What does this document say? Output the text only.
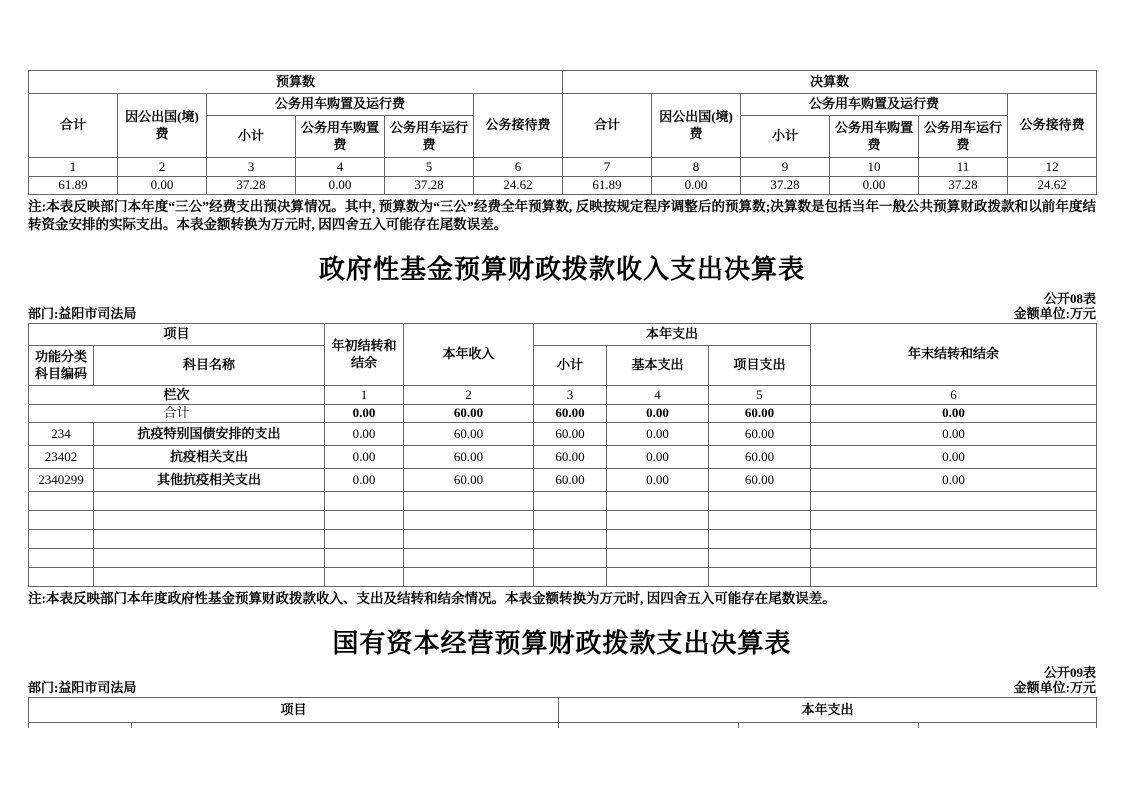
预算数						决算数					
合计	因公出国(境)费	公务用车购置及运行费			公务接待费	合计	因公出国(境)费	公务用车购置及运行费			公务接待费
		小计	公务用车购置费	公务用车运行费				小计	公务用车购置费	公务用车运行费	
1	2	3	4	5	6	7	8	9	10	11	12
61.89	0.00	37.28	0.00	37.28	24.62	61.89	0.00	37.28	0.00	37.28	24.62
注:本表反映部门本年度“三公”经费支出预决算情况。其中, 预算数为“三公”经费全年预算数, 反映按规定程序调整后的预算数;决算数是包括当年一般公共预算财政拨款和以前年度结转资金安排的实际支出。本表金额转换为万元时, 因四舍五入可能存在尾数误差。
政府性基金预算财政拨款收入支出决算表
公开08表
部门:益阳市司法局	金额单位:万元
项目		年初结转和结余	本年收入	本年支出			年末结转和结余
功能分类科目编码	科目名称			小计	基本支出	项目支出	
栏次		1	2	3	4	5	6
合计		0.00	60.00	60.00	0.00	60.00	0.00
234	抗疫特别国债安排的支出	0.00	60.00	60.00	0.00	60.00	0.00
23402	抗疫相关支出	0.00	60.00	60.00	0.00	60.00	0.00
2340299	其他抗疫相关支出	0.00	60.00	60.00	0.00	60.00	0.00

注:本表反映部门本年度政府性基金预算财政拨款收入、支出及结转和结余情况。本表金额转换为万元时, 因四舍五入可能存在尾数误差。
国有资本经营预算财政拨款支出决算表
公开09表
部门:益阳市司法局	金额单位:万元
项目		本年支出		
